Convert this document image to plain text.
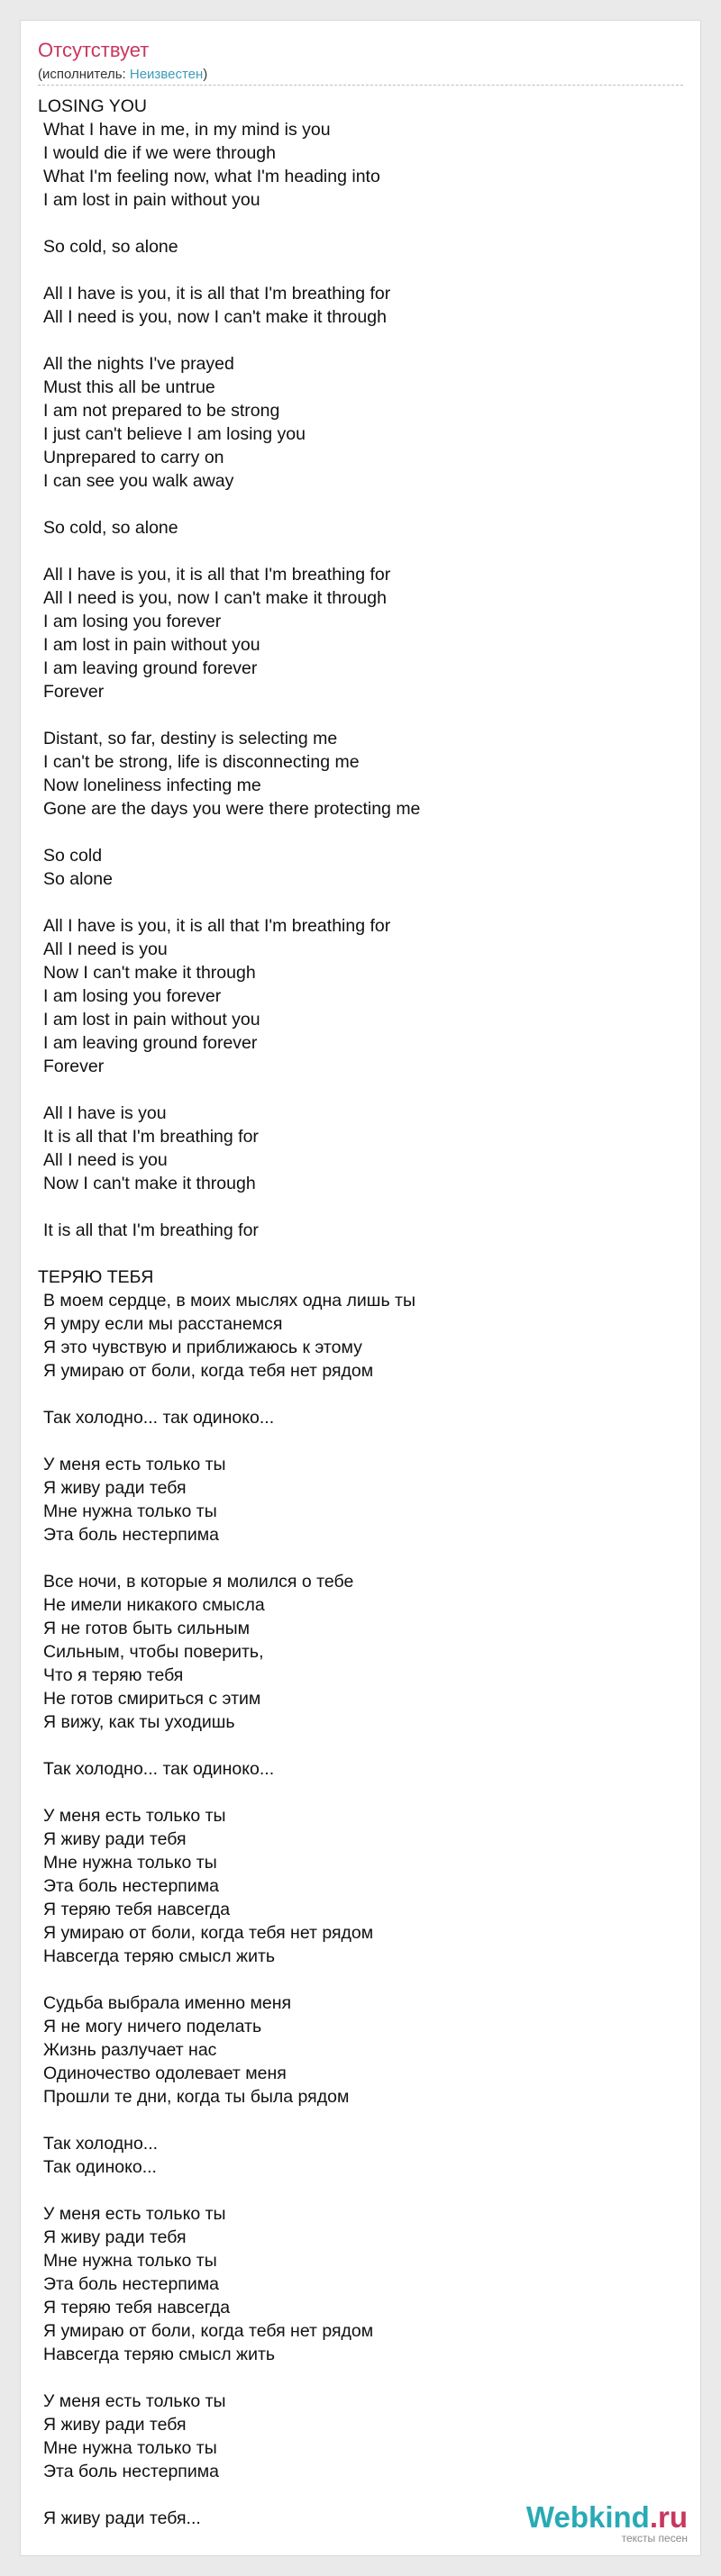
Отсутствует
(исполнитель: Неизвестен)
LOSING YOU
What I have in me, in my mind is you
I would die if we were through
What I'm feeling now, what I'm heading into
I am lost in pain without you
So cold, so alone
All I have is you, it is all that I'm breathing for
All I need is you, now I can't make it through
All the nights I've prayed
Must this all be untrue
I am not prepared to be strong
I just can't believe I am losing you
Unprepared to carry on
I can see you walk away
So cold, so alone
All I have is you, it is all that I'm breathing for
All I need is you, now I can't make it through
I am losing you forever
I am lost in pain without you
I am leaving ground forever
Forever
Distant, so far, destiny is selecting me
I can't be strong, life is disconnecting me
Now loneliness infecting me
Gone are the days you were there protecting me
So cold
So alone
All I have is you, it is all that I'm breathing for
All I need is you
Now I can't make it through
I am losing you forever
I am lost in pain without you
I am leaving ground forever
Forever
All I have is you
It is all that I'm breathing for
All I need is you
Now I can't make it through
It is all that I'm breathing for
ТЕРЯЮ ТЕБЯ
В моем сердце, в моих мыслях одна лишь ты
Я умру если мы расстанемся
Я это чувствую и приближаюсь к этому
Я умираю от боли, когда тебя нет рядом
Так холодно... так одиноко...
У меня есть только ты
Я живу ради тебя
Мне нужна только ты
Эта боль нестерпима
Все ночи, в которые я молился о тебе
Не имели никакого смысла
Я не готов быть сильным
Сильным, чтобы поверить,
Что я теряю тебя
Не готов смириться с этим
Я вижу, как ты уходишь
Так холодно... так одиноко...
У меня есть только ты
Я живу ради тебя
Мне нужна только ты
Эта боль нестерпима
Я теряю тебя навсегда
Я умираю от боли, когда тебя нет рядом
Навсегда теряю смысл жить
Судьба выбрала именно меня
Я не могу ничего поделать
Жизнь разлучает нас
Одиночество одолевает меня
Прошли те дни, когда ты была рядом
Так холодно...
Так одиноко...
У меня есть только ты
Я живу ради тебя
Мне нужна только ты
Эта боль нестерпима
Я теряю тебя навсегда
Я умираю от боли, когда тебя нет рядом
Навсегда теряю смысл жить
У меня есть только ты
Я живу ради тебя
Мне нужна только ты
Эта боль нестерпима
Я живу ради тебя...	Webkind.ru
тексты песен
